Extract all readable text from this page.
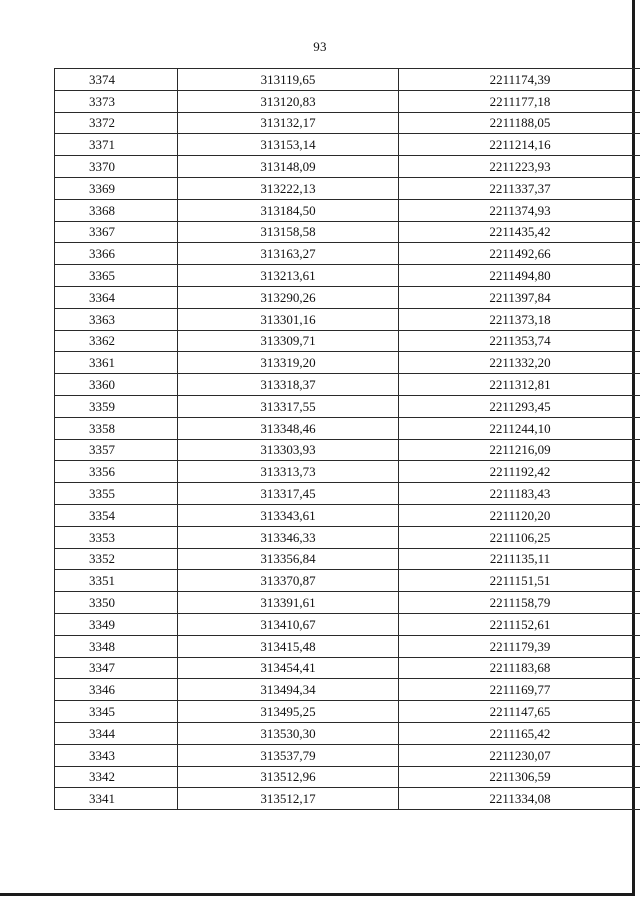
93
3374	313119,65	2211174,39
3373	313120,83	2211177,18
3372	313132,17	2211188,05
3371	313153,14	2211214,16
3370	313148,09	2211223,93
3369	313222,13	2211337,37
3368	313184,50	2211374,93
3367	313158,58	2211435,42
3366	313163,27	2211492,66
3365	313213,61	2211494,80
3364	313290,26	2211397,84
3363	313301,16	2211373,18
3362	313309,71	2211353,74
3361	313319,20	2211332,20
3360	313318,37	2211312,81
3359	313317,55	2211293,45
3358	313348,46	2211244,10
3357	313303,93	2211216,09
3356	313313,73	2211192,42
3355	313317,45	2211183,43
3354	313343,61	2211120,20
3353	313346,33	2211106,25
3352	313356,84	2211135,11
3351	313370,87	2211151,51
3350	313391,61	2211158,79
3349	313410,67	2211152,61
3348	313415,48	2211179,39
3347	313454,41	2211183,68
3346	313494,34	2211169,77
3345	313495,25	2211147,65
3344	313530,30	2211165,42
3343	313537,79	2211230,07
3342	313512,96	2211306,59
3341	313512,17	2211334,08
